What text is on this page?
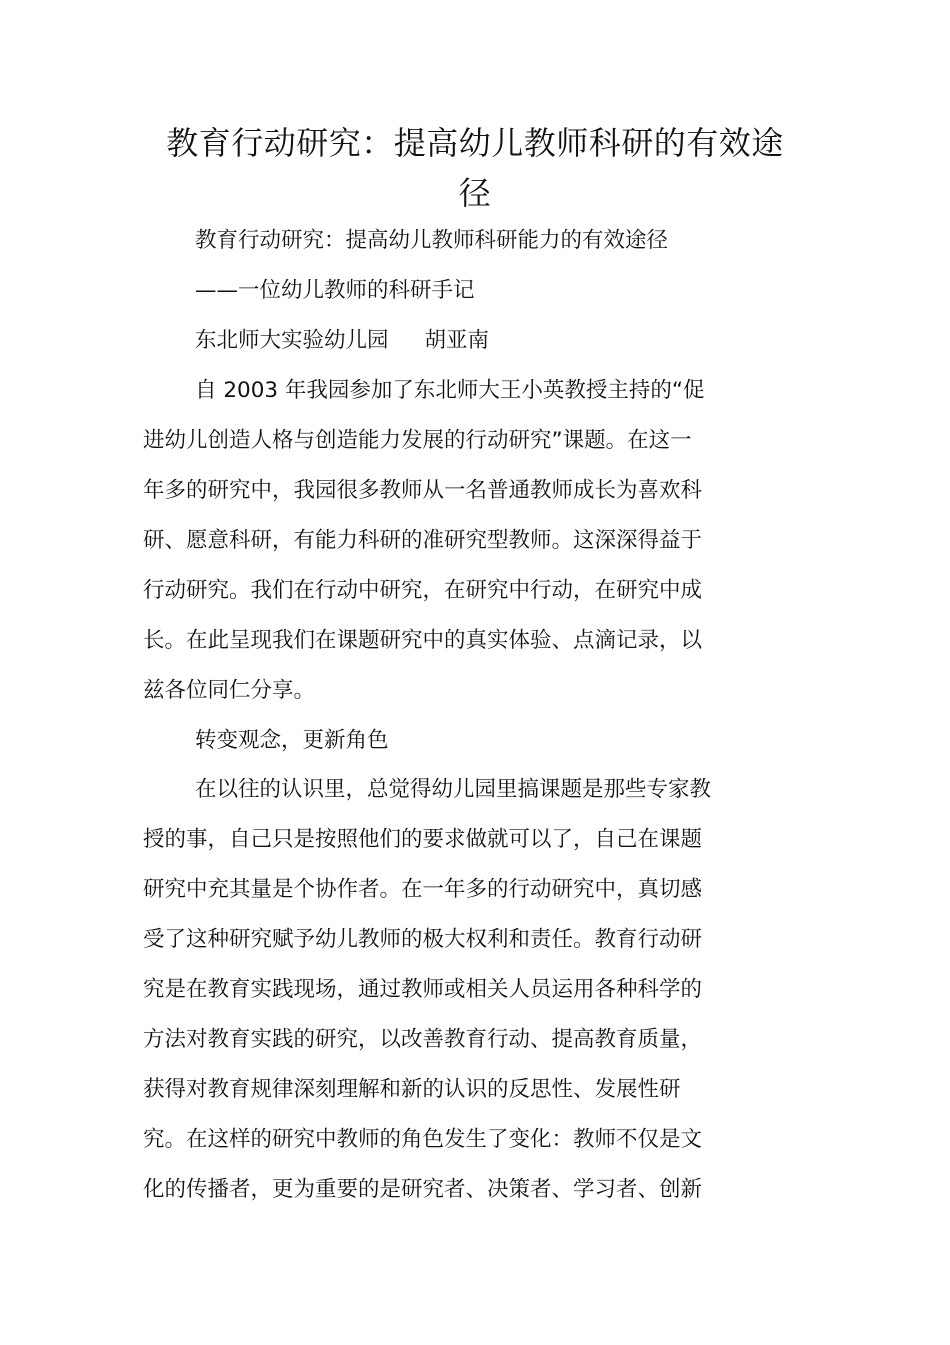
教育行动研究：提高幼儿教师科研的有效途
径

教育行动研究：提高幼儿教师科研能力的有效途径

——一位幼儿教师的科研手记

东北师大实验幼儿园 胡亚南

自 2003 年我园参加了东北师大王小英教授主持的“促

进幼儿创造人格与创造能力发展的行动研究”课题。在这一

年多的研究中，我园很多教师从一名普通教师成长为喜欢科

研、愿意科研，有能力科研的准研究型教师。这深深得益于

行动研究。我们在行动中研究，在研究中行动，在研究中成

长。在此呈现我们在课题研究中的真实体验、点滴记录，以

兹各位同仁分享。

转变观念，更新角色

在以往的认识里，总觉得幼儿园里搞课题是那些专家教

授的事，自己只是按照他们的要求做就可以了，自己在课题

研究中充其量是个协作者。在一年多的行动研究中，真切感

受了这种研究赋予幼儿教师的极大权利和责任。教育行动研

究是在教育实践现场，通过教师或相关人员运用各种科学的

方法对教育实践的研究，以改善教育行动、提高教育质量，

获得对教育规律深刻理解和新的认识的反思性、发展性研

究。在这样的研究中教师的角色发生了变化：教师不仅是文

化的传播者，更为重要的是研究者、决策者、学习者、创新
